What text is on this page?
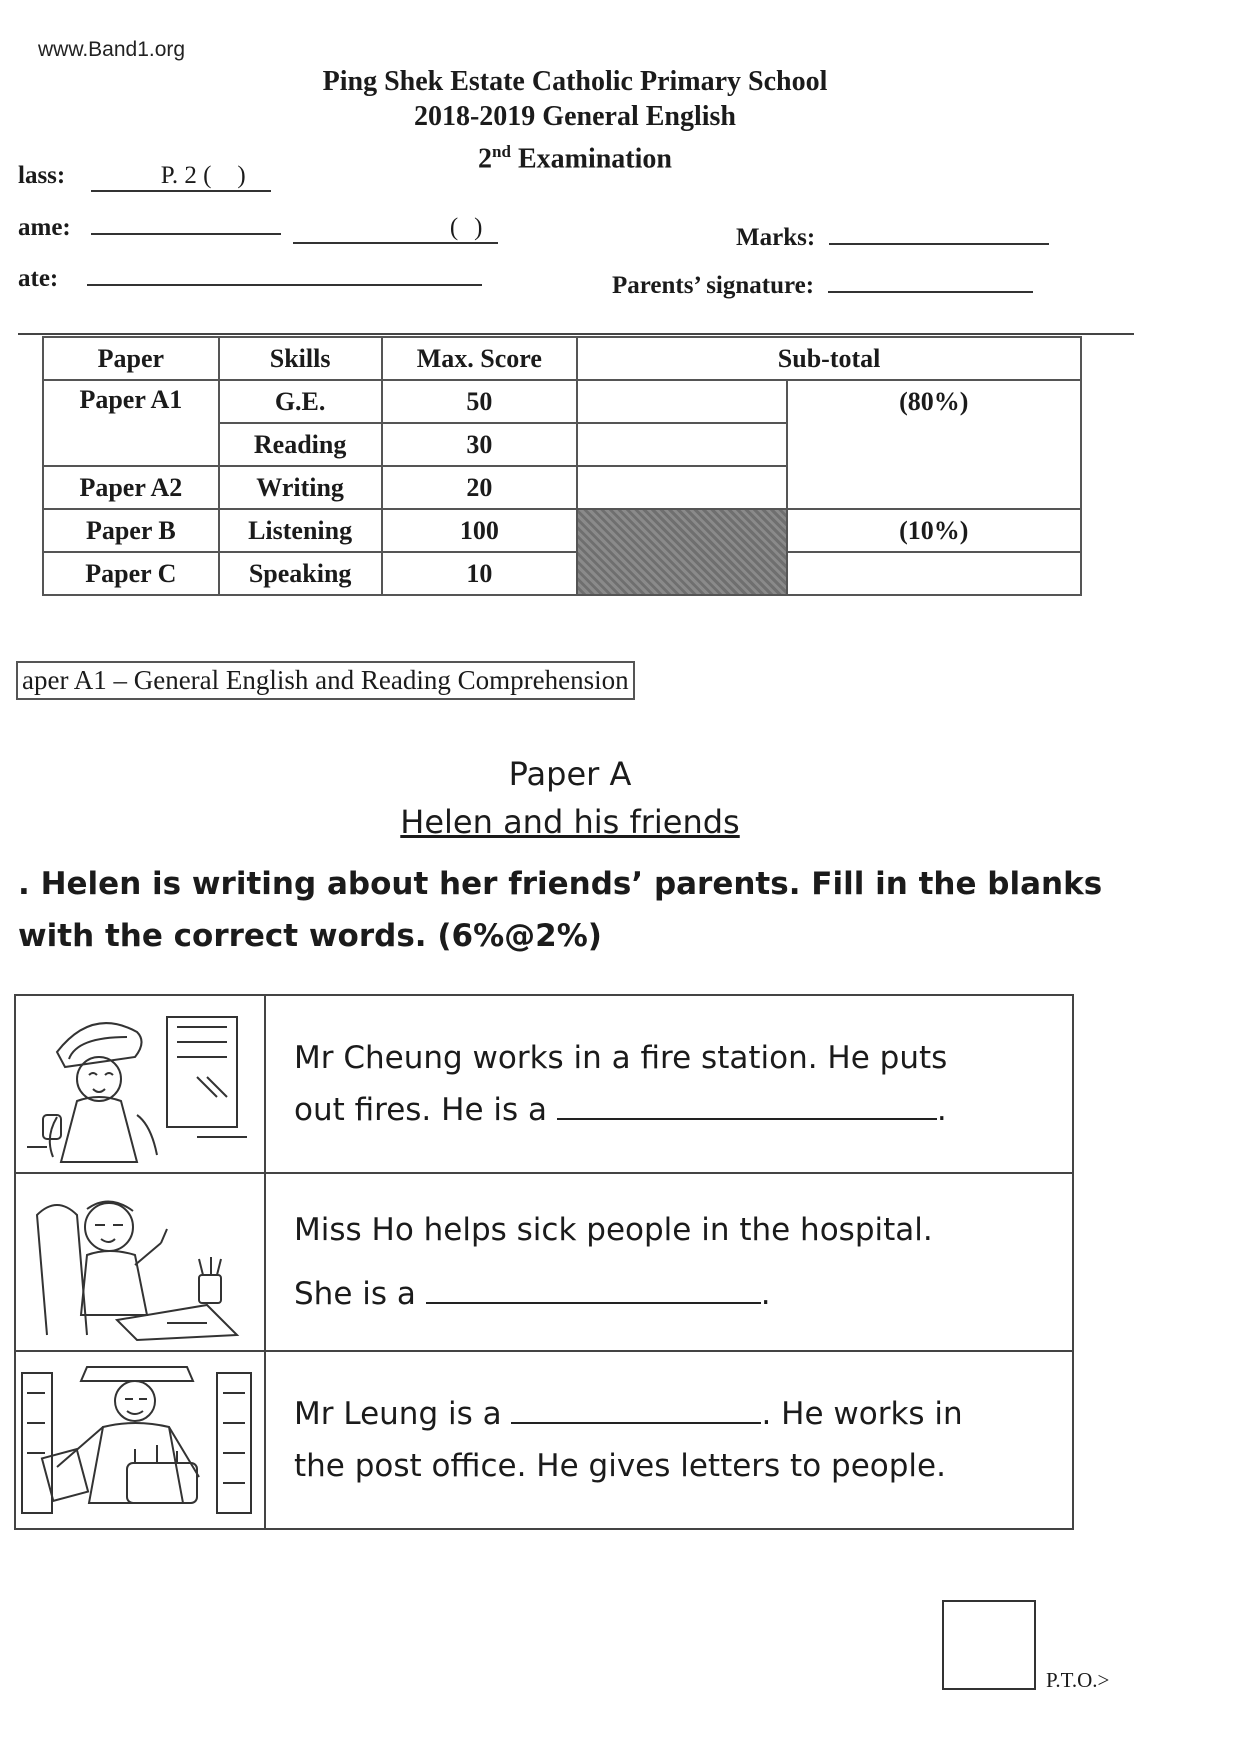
www.Band1.org
Ping Shek Estate Catholic Primary School
2018-2019 General English
2nd Examination
lass:	P. 2 ( )
ame:	( )
ate:
Marks:
Parents’ signature:
Paper	Skills	Max. Score	Sub-total	
Paper A1	G.E.	50		(80%)
	Reading	30		
Paper A2	Writing	20		
Paper B	Listening	100		(10%)
Paper C	Speaking	10		
aper A1 – General English and Reading Comprehension
Paper A
Helen and his friends
. Helen is writing about her friends’ parents. Fill in the blanks with the correct words. (6%@2%)

Mr Cheung works in a fire station. He puts
out fires. He is a .

Miss Ho helps sick people in the hospital.
She is a .

Mr Leung is a . He works in
the post office. He gives letters to people.
P.T.O.>
